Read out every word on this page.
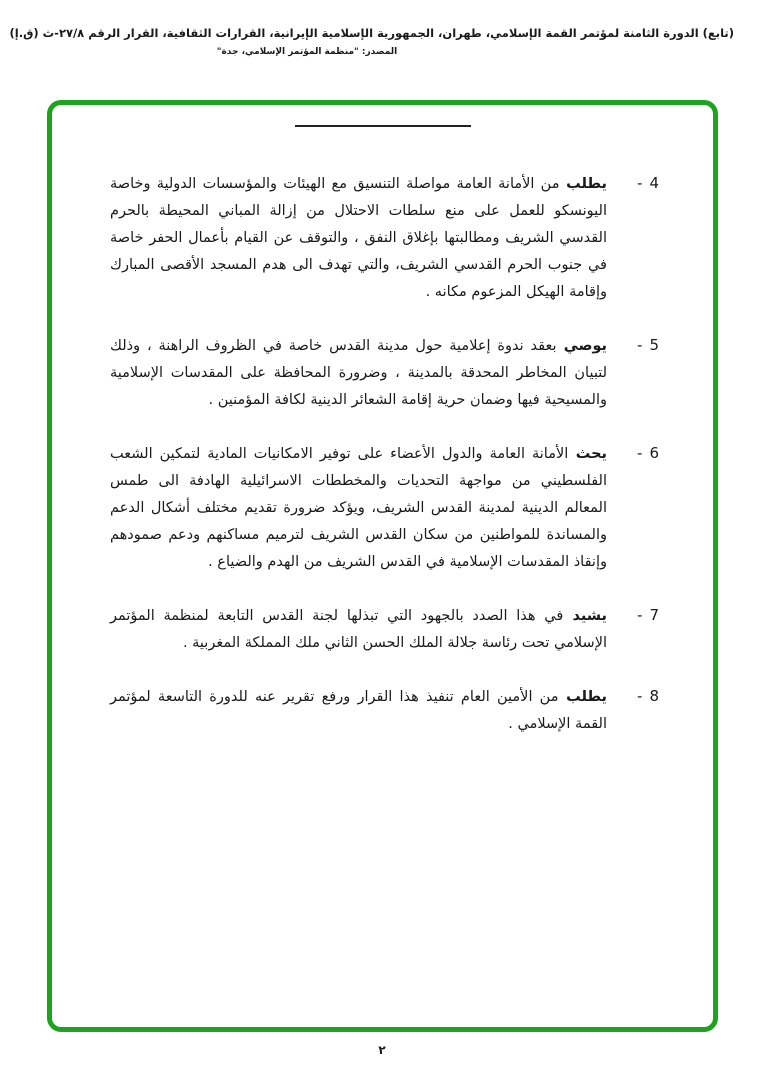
(تابع) الدورة الثامنة لمؤتمر القمة الإسلامي، طهران، الجمهورية الإسلامية الإيرانية، القرارات الثقافية، القرار الرقم ٢٧/٨-ث (ق.إ)
المصدر: "منظمة المؤتمر الإسلامي، جدة"
- 4

يطلب من الأمانة العامة مواصلة التنسيق مع الهيئات والمؤسسات الدولية وخاصة اليونسكو للعمل على منع سلطات الاحتلال من إزالة المباني المحيطة بالحرم القدسي الشريف ومطالبتها بإغلاق النفق ، والتوقف عن القيام بأعمال الحفر خاصة في جنوب الحرم القدسي الشريف، والتي تهدف الى هدم المسجد الأقصى المبارك وإقامة الهيكل المزعوم مكانه .

- 5

يوصي بعقد ندوة إعلامية حول مدينة القدس خاصة في الظروف الراهنة ، وذلك لتبيان المخاطر المحدقة بالمدينة ، وضرورة المحافظة على المقدسات الإسلامية والمسيحية فيها وضمان حرية إقامة الشعائر الدينية لكافة المؤمنين .

- 6

يحث الأمانة العامة والدول الأعضاء على توفير الامكانيات المادية لتمكين الشعب الفلسطيني من مواجهة التحديات والمخططات الاسرائيلية الهادفة الى طمس المعالم الدينية لمدينة القدس الشريف، ويؤكد ضرورة تقديم مختلف أشكال الدعم والمساندة للمواطنين من سكان القدس الشريف لترميم مساكنهم ودعم صمودهم وإنقاذ المقدسات الإسلامية في القدس الشريف من الهدم والضياع .

- 7

يشيد في هذا الصدد بالجهود التي تبذلها لجنة القدس التابعة لمنظمة المؤتمر الإسلامي تحت رئاسة جلالة الملك الحسن الثاني ملك المملكة المغربية .

- 8

يطلب من الأمين العام تنفيذ هذا القرار ورفع تقرير عنه للدورة التاسعة لمؤتمر القمة الإسلامي .

٢
